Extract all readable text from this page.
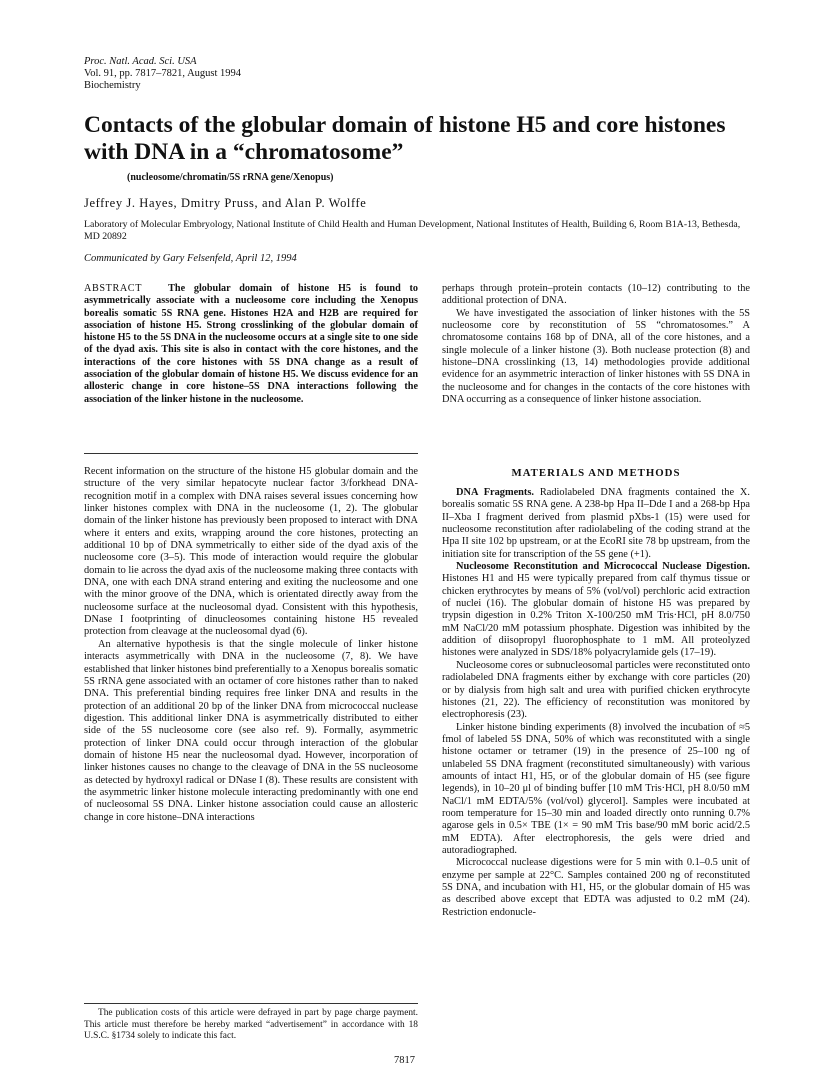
Proc. Natl. Acad. Sci. USA
Vol. 91, pp. 7817–7821, August 1994
Biochemistry
Contacts of the globular domain of histone H5 and core histones with DNA in a “chromatosome”
(nucleosome/chromatin/5S rRNA gene/Xenopus)
Jeffrey J. Hayes, Dmitry Pruss, and Alan P. Wolffe
Laboratory of Molecular Embryology, National Institute of Child Health and Human Development, National Institutes of Health, Building 6, Room B1A-13, Bethesda, MD 20892
Communicated by Gary Felsenfeld, April 12, 1994
ABSTRACT	The globular domain of histone H5 is found to asymmetrically associate with a nucleosome core including the Xenopus borealis somatic 5S RNA gene. Histones H2A and H2B are required for association of histone H5. Strong crosslinking of the globular domain of histone H5 to the 5S DNA in the nucleosome occurs at a single site to one side of the dyad axis. This site is also in contact with the core histones, and the interactions of the core histones with 5S DNA change as a result of association of the globular domain of histone H5. We discuss evidence for an allosteric change in core histone–5S DNA interactions following the association of the linker histone in the nucleosome.

Recent information on the structure of the histone H5 globular domain and the structure of the very similar hepatocyte nuclear factor 3/forkhead DNA-recognition motif in a complex with DNA raises several issues concerning how linker histones complex with DNA in the nucleosome (1, 2). The globular domain of the linker histone has previously been proposed to interact with DNA where it enters and exits, wrapping around the core histones, protecting an additional 10 bp of DNA symmetrically to either side of the dyad axis of the nucleosome core (3–5). This mode of interaction would require the globular domain to lie across the dyad axis of the nucleosome making three contacts with DNA, one with each DNA strand entering and exiting the nucleosome and one with the minor groove of the DNA, which is orientated directly away from the nucleosome surface at the nucleosomal dyad. Consistent with this hypothesis, DNase I footprinting of dinucleosomes containing histone H5 revealed protection from cleavage at the nucleosomal dyad (6).

An alternative hypothesis is that the single molecule of linker histone interacts asymmetrically with DNA in the nucleosome (7, 8). We have established that linker histones bind preferentially to a Xenopus borealis somatic 5S rRNA gene associated with an octamer of core histones rather than to naked DNA. This preferential binding requires free linker DNA and results in the protection of an additional 20 bp of the linker DNA from micrococcal nuclease digestion. This additional linker DNA is asymmetrically distributed to either side of the 5S nucleosome core (see also ref. 9). Formally, asymmetric protection of linker DNA could occur through interaction of the globular domain of histone H5 near the nucleosomal dyad. However, incorporation of linker histones causes no change to the cleavage of DNA in the 5S nucleosome as detected by hydroxyl radical or DNase I (8). These results are consistent with the asymmetric linker histone molecule interacting predominantly with one end of nucleosomal 5S DNA. Linker histone association could cause an allosteric change in core histone–DNA interactions

The publication costs of this article were defrayed in part by page charge payment. This article must therefore be hereby marked “advertisement” in accordance with 18 U.S.C. §1734 solely to indicate this fact.

perhaps through protein–protein contacts (10–12) contributing to the additional protection of DNA.

We have investigated the association of linker histones with the 5S nucleosome core by reconstitution of 5S “chromatosomes.” A chromatosome contains 168 bp of DNA, all of the core histones, and a single molecule of a linker histone (3). Both nuclease protection (8) and histone–DNA crosslinking (13, 14) methodologies provide additional evidence for an asymmetric interaction of linker histones with 5S DNA in the nucleosome and for changes in the contacts of the core histones with DNA occurring as a consequence of linker histone association.

MATERIALS AND METHODS

DNA Fragments. Radiolabeled DNA fragments contained the X. borealis somatic 5S RNA gene. A 238-bp Hpa II–Dde I and a 268-bp Hpa II–Xba I fragment derived from plasmid pXbs-1 (15) were used for nucleosome reconstitution after radiolabeling of the coding strand at the Hpa II site 102 bp upstream, or at the EcoRI site 78 bp upstream, from the initiation site for transcription of the 5S gene (+1).

Nucleosome Reconstitution and Micrococcal Nuclease Digestion. Histones H1 and H5 were typically prepared from calf thymus tissue or chicken erythrocytes by means of 5% (vol/vol) perchloric acid extraction of nuclei (16). The globular domain of histone H5 was prepared by trypsin digestion in 0.2% Triton X-100/250 mM Tris·HCl, pH 8.0/750 mM NaCl/20 mM potassium phosphate. Digestion was inhibited by the addition of diisopropyl fluorophosphate to 1 mM. All proteolyzed histones were analyzed in SDS/18% polyacrylamide gels (17–19).

Nucleosome cores or subnucleosomal particles were reconstituted onto radiolabeled DNA fragments either by exchange with core particles (20) or by dialysis from high salt and urea with purified chicken erythrocyte histones (21, 22). The efficiency of reconstitution was monitored by electrophoresis (23).

Linker histone binding experiments (8) involved the incubation of ≈5 fmol of labeled 5S DNA, 50% of which was reconstituted with a single histone octamer or tetramer (19) in the presence of 25–100 ng of unlabeled 5S DNA fragment (reconstituted simultaneously) with various amounts of intact H1, H5, or of the globular domain of H5 (see figure legends), in 10–20 μl of binding buffer [10 mM Tris·HCl, pH 8.0/50 mM NaCl/1 mM EDTA/5% (vol/vol) glycerol]. Samples were incubated at room temperature for 15–30 min and loaded directly onto running 0.7% agarose gels in 0.5× TBE (1× = 90 mM Tris base/90 mM boric acid/2.5 mM EDTA). After electrophoresis, the gels were dried and autoradiographed.

Micrococcal nuclease digestions were for 5 min with 0.1–0.5 unit of enzyme per sample at 22°C. Samples contained 200 ng of reconstituted 5S DNA, and incubation with H1, H5, or the globular domain of H5 was as described above except that EDTA was adjusted to 0.2 mM (24). Restriction endonucle-

7817
